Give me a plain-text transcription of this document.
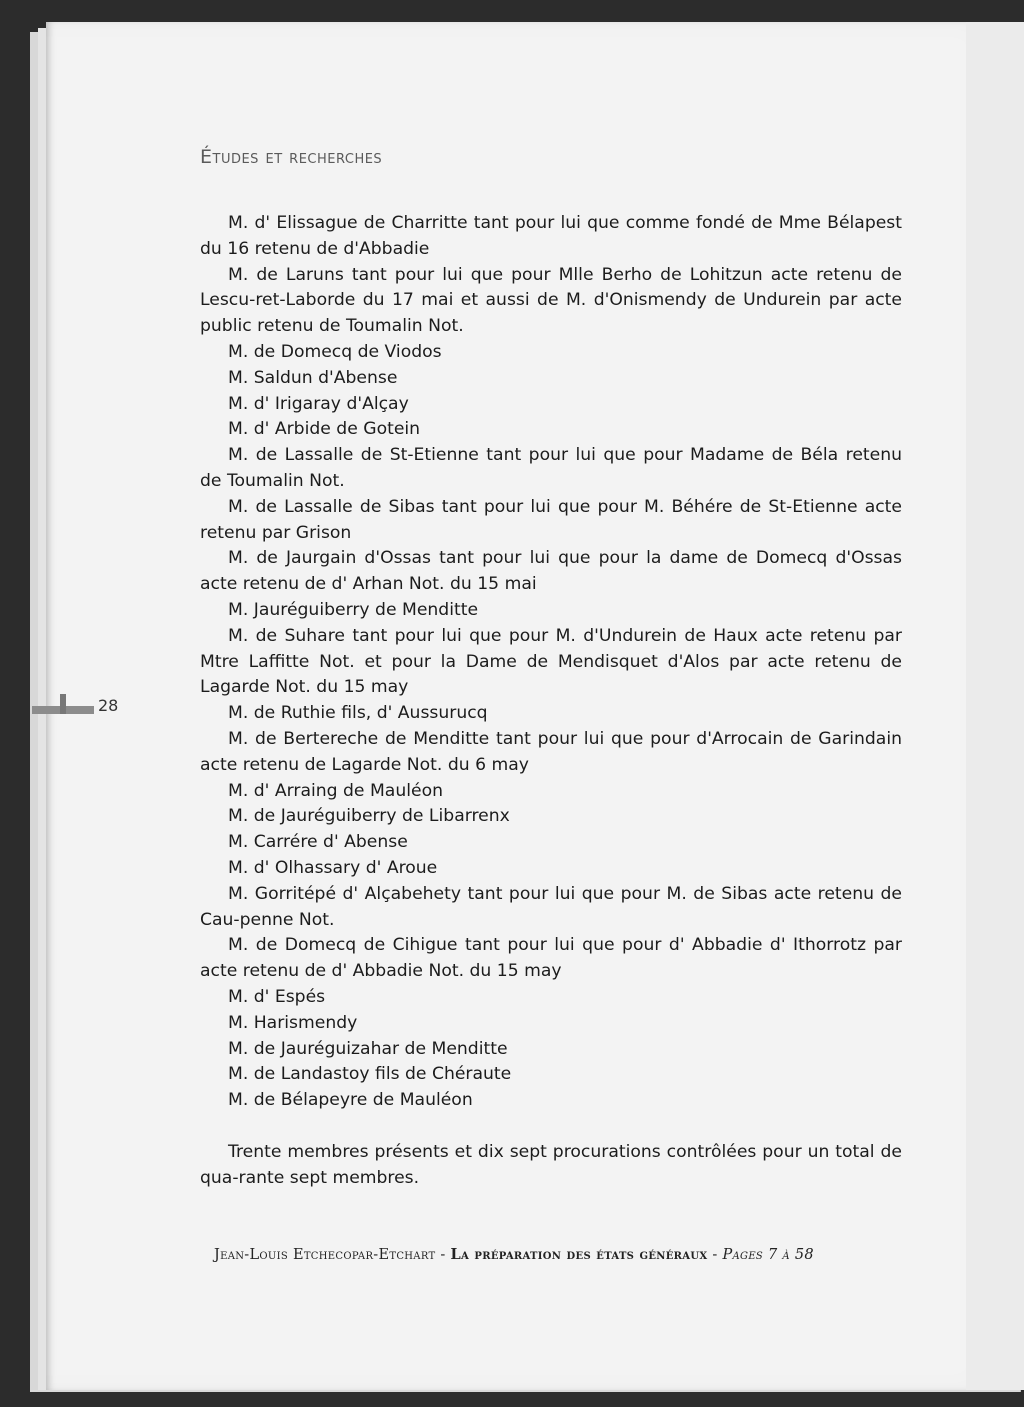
Études et recherches

M. d' Elissague de Charritte tant pour lui que comme fondé de Mme Bélapest du 16 retenu de d'Abbadie

M. de Laruns tant pour lui que pour Mlle Berho de Lohitzun acte retenu de Lescu-ret-Laborde du 17 mai et aussi de M. d'Onismendy de Undurein par acte public retenu de Toumalin Not.

M. de Domecq de Viodos

M. Saldun d'Abense

M. d' Irigaray d'Alçay

M. d' Arbide de Gotein

M. de Lassalle de St-Etienne tant pour lui que pour Madame de Béla retenu de Toumalin Not.

M. de Lassalle de Sibas tant pour lui que pour M. Béhére de St-Etienne acte retenu par Grison

M. de Jaurgain d'Ossas tant pour lui que pour la dame de Domecq d'Ossas acte retenu de d' Arhan Not. du 15 mai

M. Jauréguiberry de Menditte

M. de Suhare tant pour lui que pour M. d'Undurein de Haux acte retenu par Mtre Laffitte Not. et pour la Dame de Mendisquet d'Alos par acte retenu de Lagarde Not. du 15 may

M. de Ruthie fils, d' Aussurucq

M. de Bertereche de Menditte tant pour lui que pour d'Arrocain de Garindain acte retenu de Lagarde Not. du 6 may

M. d' Arraing de Mauléon

M. de Jauréguiberry de Libarrenx

M. Carrére d' Abense

M. d' Olhassary d' Aroue

M. Gorritépé d' Alçabehety tant pour lui que pour M. de Sibas acte retenu de Cau-penne Not.

M. de Domecq de Cihigue tant pour lui que pour d' Abbadie d' Ithorrotz par acte retenu de d' Abbadie Not. du 15 may

M. d' Espés

M. Harismendy

M. de Jauréguizahar de Menditte

M. de Landastoy fils de Chéraute

M. de Bélapeyre de Mauléon

Trente membres présents et dix sept procurations contrôlées pour un total de qua-rante sept membres.

28
Jean-Louis Etchecopar-Etchart - La préparation des états généraux - Pages 7 à 58
